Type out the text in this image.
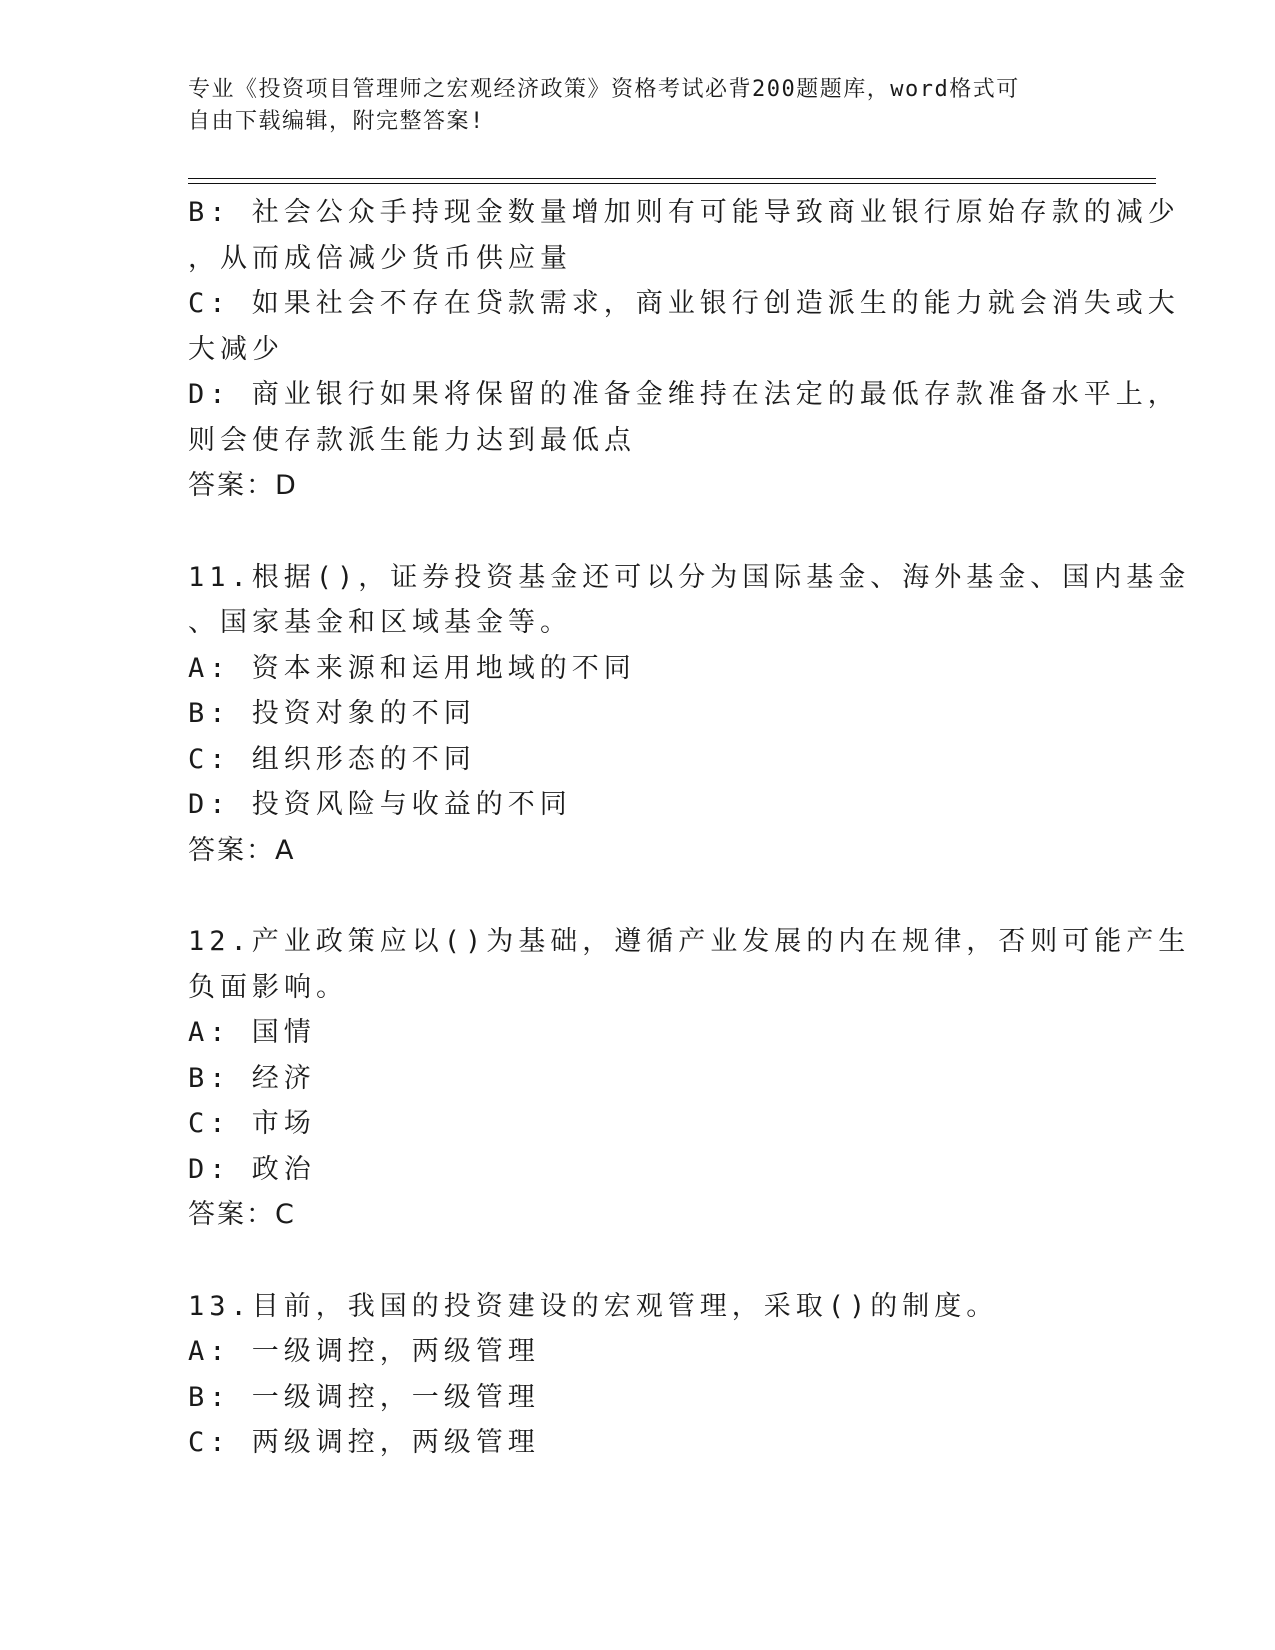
专业《投资项目管理师之宏观经济政策》资格考试必背200题题库，word格式可
自由下载编辑，附完整答案!
B: 社会公众手持现金数量增加则有可能导致商业银行原始存款的减少
，从而成倍减少货币供应量
C: 如果社会不存在贷款需求，商业银行创造派生的能力就会消失或大
大减少
D: 商业银行如果将保留的准备金维持在法定的最低存款准备水平上，
则会使存款派生能力达到最低点
答案：D
11.根据()，证券投资基金还可以分为国际基金、海外基金、国内基金
、国家基金和区域基金等。
A: 资本来源和运用地域的不同
B: 投资对象的不同
C: 组织形态的不同
D: 投资风险与收益的不同
答案：A
12.产业政策应以()为基础，遵循产业发展的内在规律，否则可能产生
负面影响。
A: 国情
B: 经济
C: 市场
D: 政治
答案：C
13.目前，我国的投资建设的宏观管理，采取()的制度。
A: 一级调控，两级管理
B: 一级调控，一级管理
C: 两级调控，两级管理
